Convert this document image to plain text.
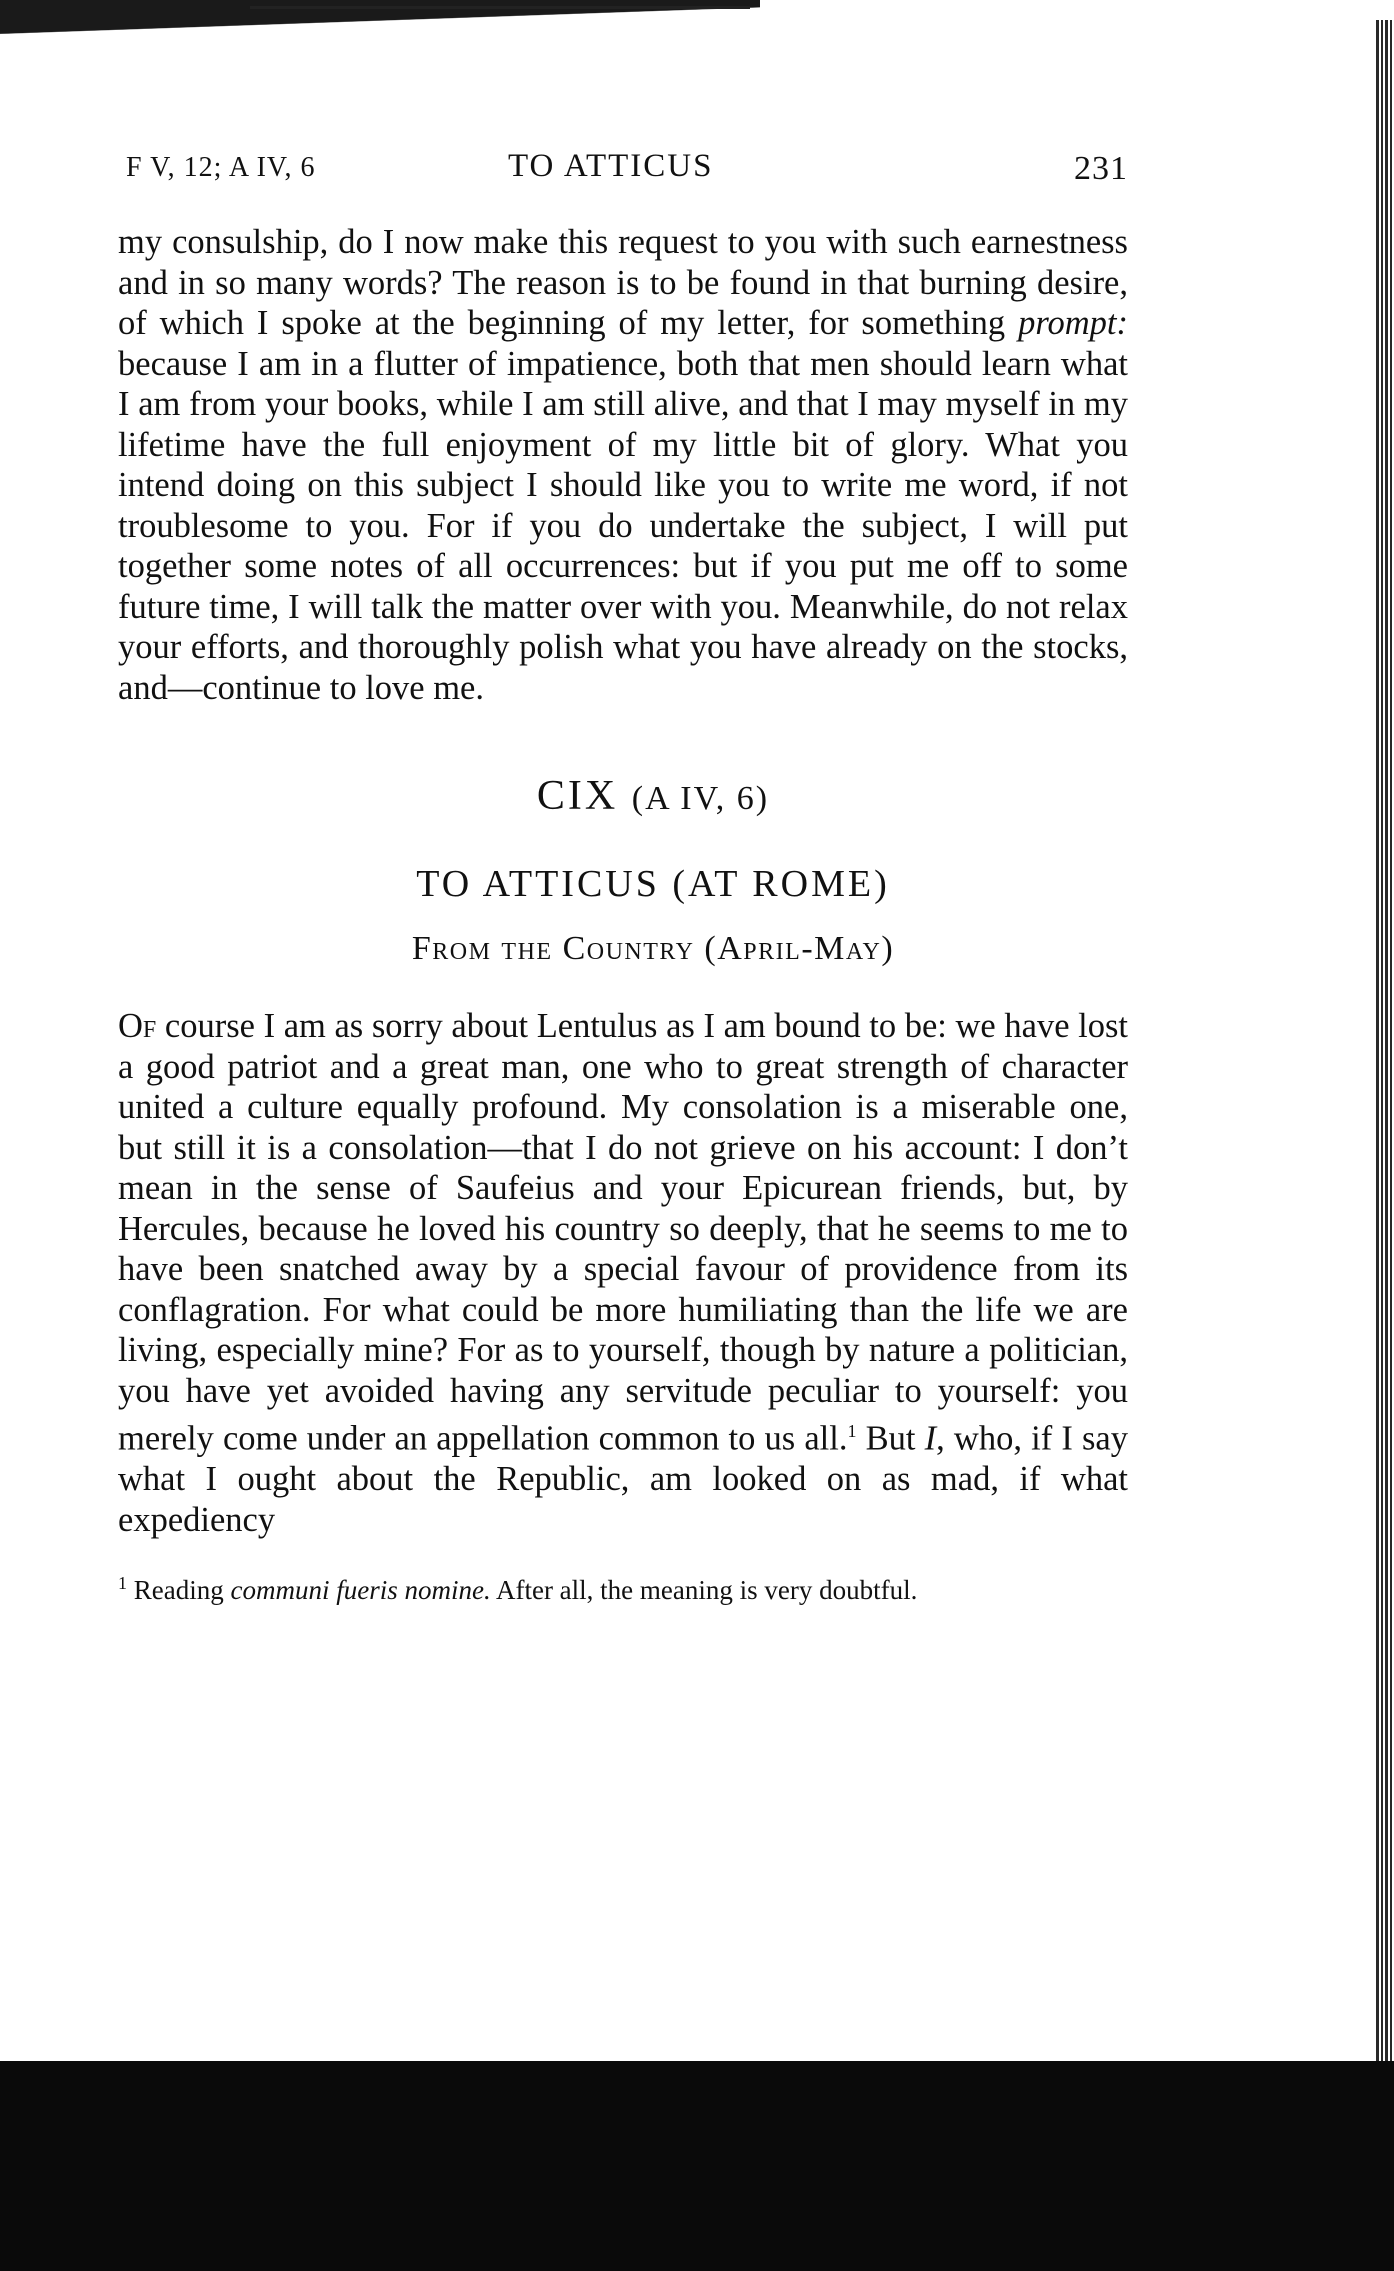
F V, 12; A IV, 6	TO ATTICUS	231

my consulship, do I now make this request to you with such earnestness and in so many words? The reason is to be found in that burning desire, of which I spoke at the beginning of my letter, for something prompt: because I am in a flutter of impatience, both that men should learn what I am from your books, while I am still alive, and that I may myself in my lifetime have the full enjoyment of my little bit of glory. What you intend doing on this subject I should like you to write me word, if not troublesome to you. For if you do undertake the subject, I will put together some notes of all occurrences: but if you put me off to some future time, I will talk the matter over with you. Meanwhile, do not relax your efforts, and thoroughly polish what you have already on the stocks, and—continue to love me.

CIX (A IV, 6)
TO ATTICUS (AT ROME)
From the Country (April-May)

Of course I am as sorry about Lentulus as I am bound to be: we have lost a good patriot and a great man, one who to great strength of character united a culture equally profound. My consolation is a miserable one, but still it is a consolation—that I do not grieve on his account: I don’t mean in the sense of Saufeius and your Epicurean friends, but, by Hercules, because he loved his country so deeply, that he seems to me to have been snatched away by a special favour of providence from its conflagration. For what could be more humiliating than the life we are living, especially mine? For as to yourself, though by nature a politician, you have yet avoided having any servitude peculiar to yourself: you merely come under an appellation common to us all.$^1$ But I, who, if I say what I ought about the Republic, am looked on as mad, if what expediency

$^1$ Reading communi fueris nomine. After all, the meaning is very doubtful.
